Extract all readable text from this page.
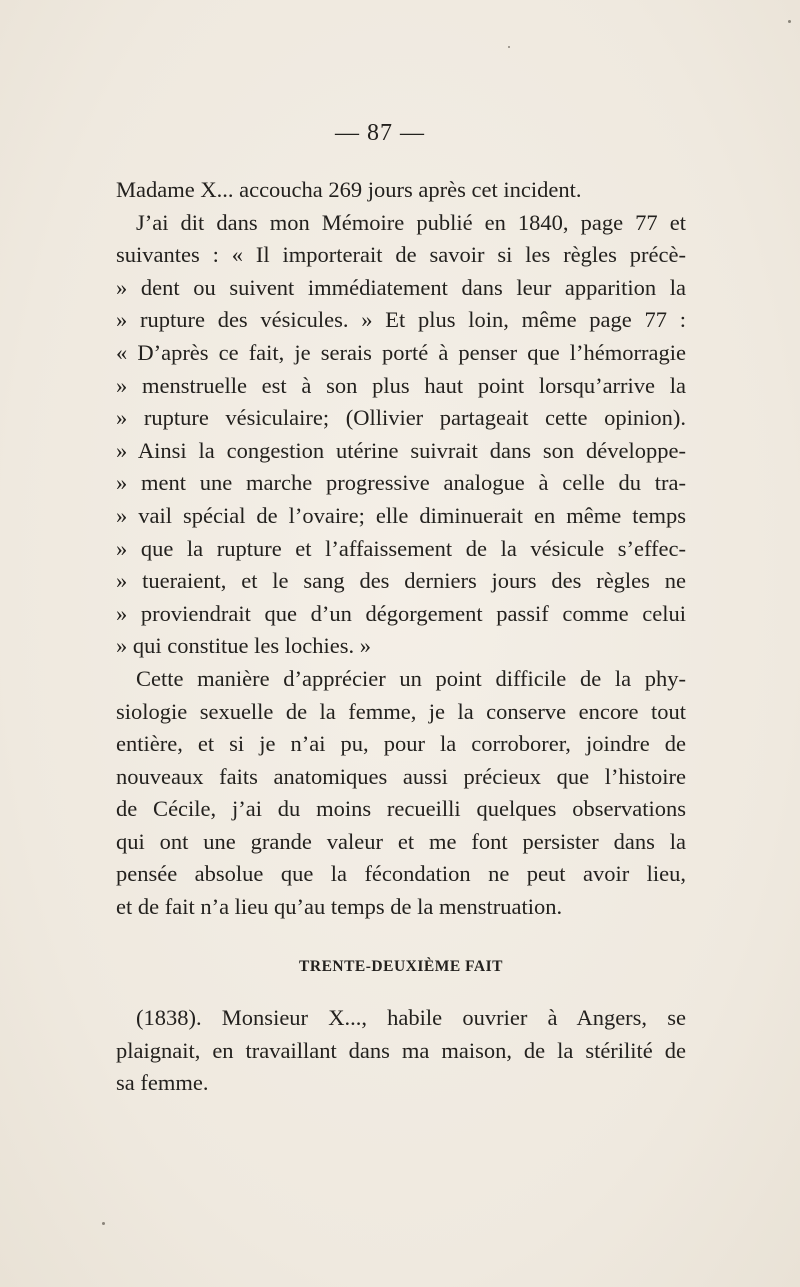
— 87 —
Madame X... accoucha 269 jours après cet incident.
J’ai dit dans mon Mémoire publié en 1840, page 77 et
suivantes : « Il importerait de savoir si les règles précè-
» dent ou suivent immédiatement dans leur apparition la
» rupture des vésicules. » Et plus loin, même page 77 :
« D’après ce fait, je serais porté à penser que l’hémorragie
» menstruelle est à son plus haut point lorsqu’arrive la
» rupture vésiculaire; (Ollivier partageait cette opinion).
» Ainsi la congestion utérine suivrait dans son développe-
» ment une marche progressive analogue à celle du tra-
» vail spécial de l’ovaire; elle diminuerait en même temps
» que la rupture et l’affaissement de la vésicule s’effec-
» tueraient, et le sang des derniers jours des règles ne
» proviendrait que d’un dégorgement passif comme celui
» qui constitue les lochies. »
Cette manière d’apprécier un point difficile de la phy-
siologie sexuelle de la femme, je la conserve encore tout
entière, et si je n’ai pu, pour la corroborer, joindre de
nouveaux faits anatomiques aussi précieux que l’histoire
de Cécile, j’ai du moins recueilli quelques observations
qui ont une grande valeur et me font persister dans la
pensée absolue que la fécondation ne peut avoir lieu,
et de fait n’a lieu qu’au temps de la menstruation.
TRENTE-DEUXIÈME FAIT
(1838). Monsieur X..., habile ouvrier à Angers, se
plaignait, en travaillant dans ma maison, de la stérilité de
sa femme.
